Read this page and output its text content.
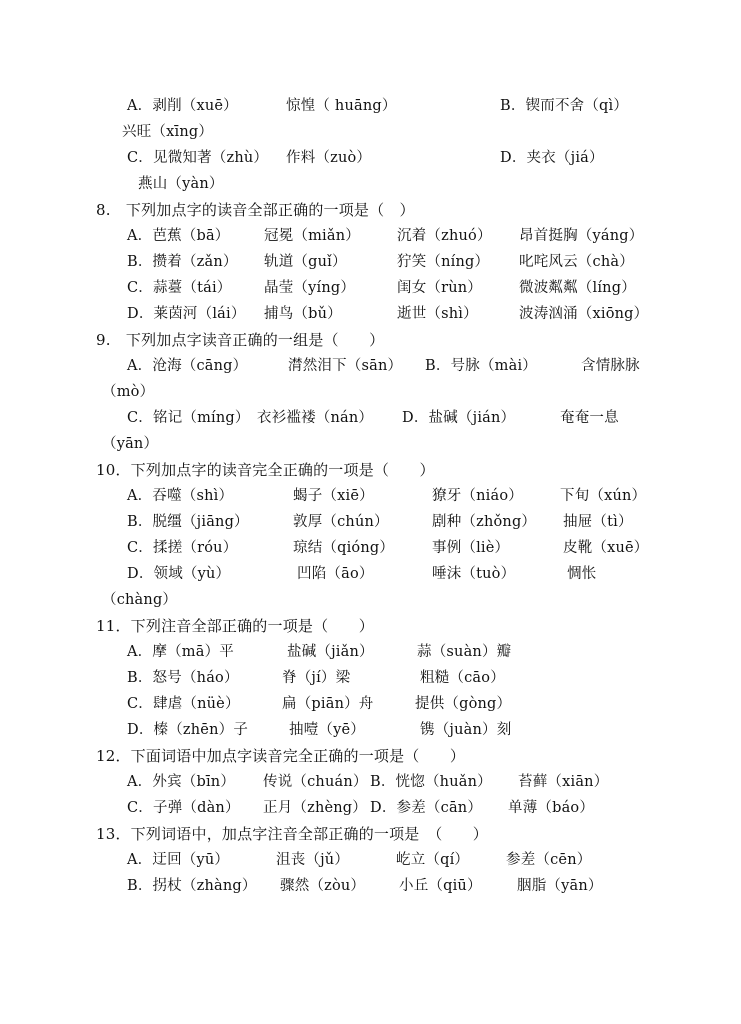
A．剥削（xuē）	惊惶（ huāng）	B．锲而不舍（qì）
兴旺（xīng）
C．见微知著（zhù） 作料（zuò）	D．夹衣（jiá）
燕山（yàn）
8.　下列加点字的读音全部正确的一项是（　）
A．芭蕉（bā） 冠冕（miǎn）	沉着（zhuó） 昂首挺胸（yáng）
B．攒着（zǎn） 轨道（guǐ）	狞笑（níng） 叱咤风云（chà）
C．蒜薹（tái） 晶莹（yíng）	闺女（rùn）	微波粼粼（líng）
D．莱茵河（lái） 捕鸟（bǔ）	逝世（shì）	波涛汹涌（xiōng）
9.　下列加点字读音正确的一组是（　　）
A．沧海（cāng）	潸然泪下（sān） B．号脉（mài）	含情脉脉
（mò）
C．铭记（míng） 衣衫褴褛（nán） D．盐碱（jián）	奄奄一息
（yān）
10．下列加点字的读音完全正确的一项是（　　）
A．吞噬（shì）	蝎子（xiē）	獠牙（niáo）	下旬（xún）
B．脱缰（jiāng）	敦厚（chún）	剧种（zhǒng） 抽屉（tì）
C．揉搓（róu）	琼结（qióng）	事例（liè）	皮靴（xuē）
D．领域（yù）	凹陷（āo）	唾沫（tuò）	惆怅
（chàng）
11．下列注音全部正确的一项是（　　）
A．摩（mā）平	盐碱（jiǎn）	蒜（suàn）瓣
B．怒号（háo）	脊（jí）梁	粗糙（cāo）
C．肆虐（nüè）	扁（piān）舟	提供（gòng）
D．榛（zhēn）子	抽噎（yē）	镌（juàn）刻
12．下面词语中加点字读音完全正确的一项是（　　）
A．外宾（bīn） 传说（chuán） B．恍惚（huǎn） 苔藓（xiān）
C．子弹（dàn） 正月（zhèng） D．参差（cān） 单薄（báo）
13．下列词语中，加点字注音全部正确的一项是　（　　）
A．迂回（yū）	沮丧（jǔ）	屹立（qí）	参差（cēn）
B．拐杖（zhàng） 骤然（zòu） 小丘（qiū） 胭脂（yān）
